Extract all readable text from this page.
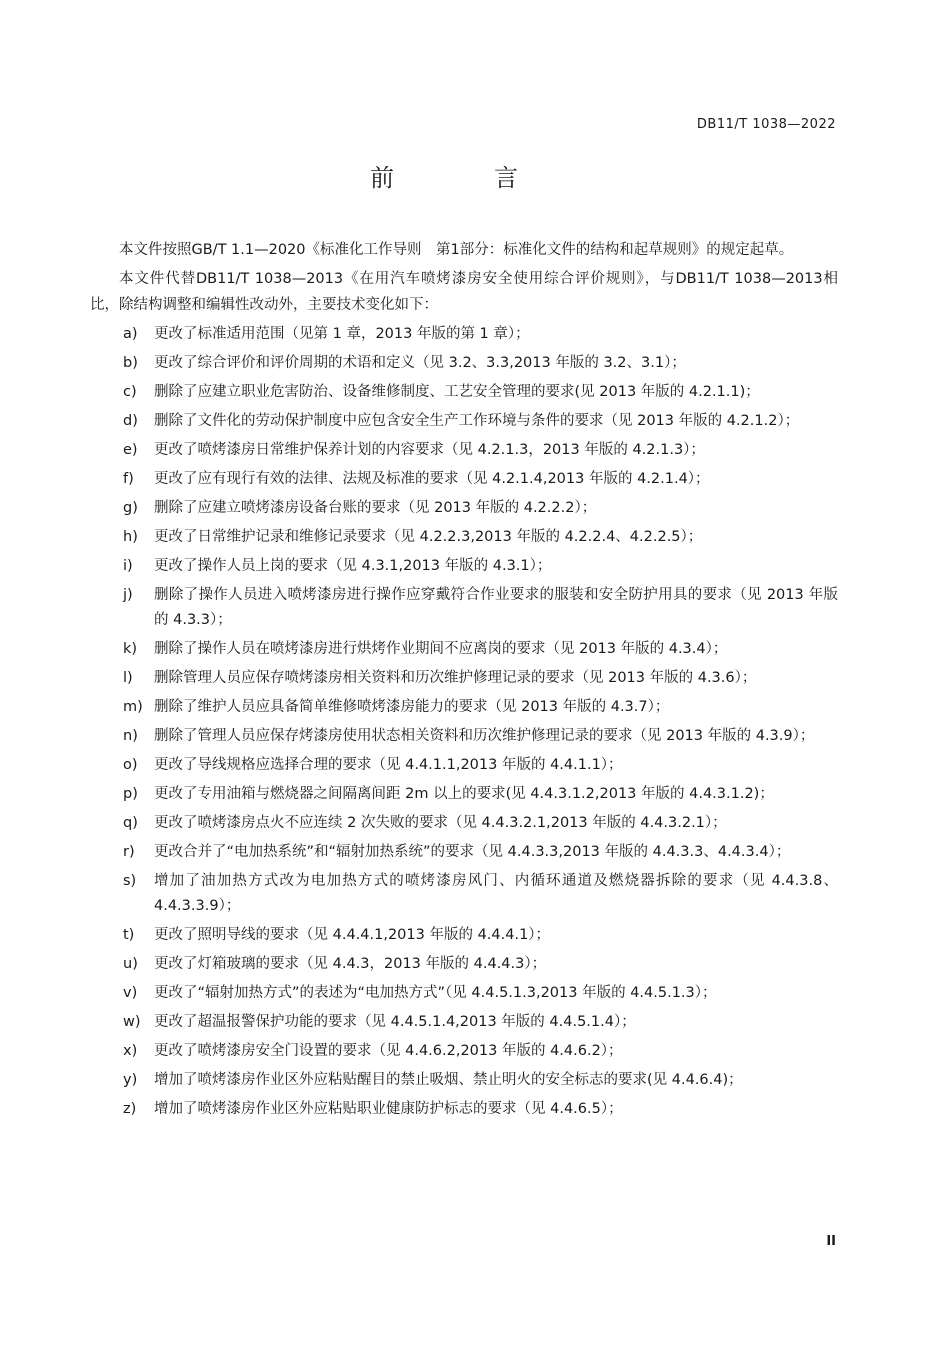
DB11/T 1038—2022
前　言

本文件按照GB/T 1.1—2020《标准化工作导则　第1部分：标准化文件的结构和起草规则》的规定起草。

本文件代替DB11/T 1038—2013《在用汽车喷烤漆房安全使用综合评价规则》，与DB11/T 1038—2013相比，除结构调整和编辑性改动外，主要技术变化如下：

a)	更改了标准适用范围（见第 1 章，2013 年版的第 1 章）；
b)	更改了综合评价和评价周期的术语和定义（见 3.2、3.3,2013 年版的 3.2、3.1）；
c)	删除了应建立职业危害防治、设备维修制度、工艺安全管理的要求(见 2013 年版的 4.2.1.1)；
d)	删除了文件化的劳动保护制度中应包含安全生产工作环境与条件的要求（见 2013 年版的 4.2.1.2）；
e)	更改了喷烤漆房日常维护保养计划的内容要求（见 4.2.1.3，2013 年版的 4.2.1.3）；
f)	更改了应有现行有效的法律、法规及标准的要求（见 4.2.1.4,2013 年版的 4.2.1.4）；
g)	删除了应建立喷烤漆房设备台账的要求（见 2013 年版的 4.2.2.2）；
h)	更改了日常维护记录和维修记录要求（见 4.2.2.3,2013 年版的 4.2.2.4、4.2.2.5）；
i)	更改了操作人员上岗的要求（见 4.3.1,2013 年版的 4.3.1）；
j)	删除了操作人员进入喷烤漆房进行操作应穿戴符合作业要求的服装和安全防护用具的要求（见 2013 年版的 4.3.3）；
k)	删除了操作人员在喷烤漆房进行烘烤作业期间不应离岗的要求（见 2013 年版的 4.3.4）；
l)	删除管理人员应保存喷烤漆房相关资料和历次维护修理记录的要求（见 2013 年版的 4.3.6）；
m) 删除了维护人员应具备简单维修喷烤漆房能力的要求（见 2013 年版的 4.3.7）；
n)	删除了管理人员应保存烤漆房使用状态相关资料和历次维护修理记录的要求（见 2013 年版的 4.3.9）；
o)	更改了导线规格应选择合理的要求（见 4.4.1.1,2013 年版的 4.4.1.1）；
p)	更改了专用油箱与燃烧器之间隔离间距 2m 以上的要求(见 4.4.3.1.2,2013 年版的 4.4.3.1.2)；
q)	更改了喷烤漆房点火不应连续 2 次失败的要求（见 4.4.3.2.1,2013 年版的 4.4.3.2.1）；
r)	更改合并了“电加热系统”和“辐射加热系统”的要求（见 4.4.3.3,2013 年版的 4.4.3.3、4.4.3.4）；
s)	增加了油加热方式改为电加热方式的喷烤漆房风门、内循环通道及燃烧器拆除的要求（见 4.4.3.8、4.4.3.3.9）；
t)	更改了照明导线的要求（见 4.4.4.1,2013 年版的 4.4.4.1）；
u)	更改了灯箱玻璃的要求（见 4.4.3，2013 年版的 4.4.4.3）；
v)	更改了“辐射加热方式”的表述为“电加热方式”（见 4.4.5.1.3,2013 年版的 4.4.5.1.3）；
w) 更改了超温报警保护功能的要求（见 4.4.5.1.4,2013 年版的 4.4.5.1.4）；
x)	更改了喷烤漆房安全门设置的要求（见 4.4.6.2,2013 年版的 4.4.6.2）；
y)	增加了喷烤漆房作业区外应粘贴醒目的禁止吸烟、禁止明火的安全标志的要求(见 4.4.6.4)；
z)	增加了喷烤漆房作业区外应粘贴职业健康防护标志的要求（见 4.4.6.5）；
II
